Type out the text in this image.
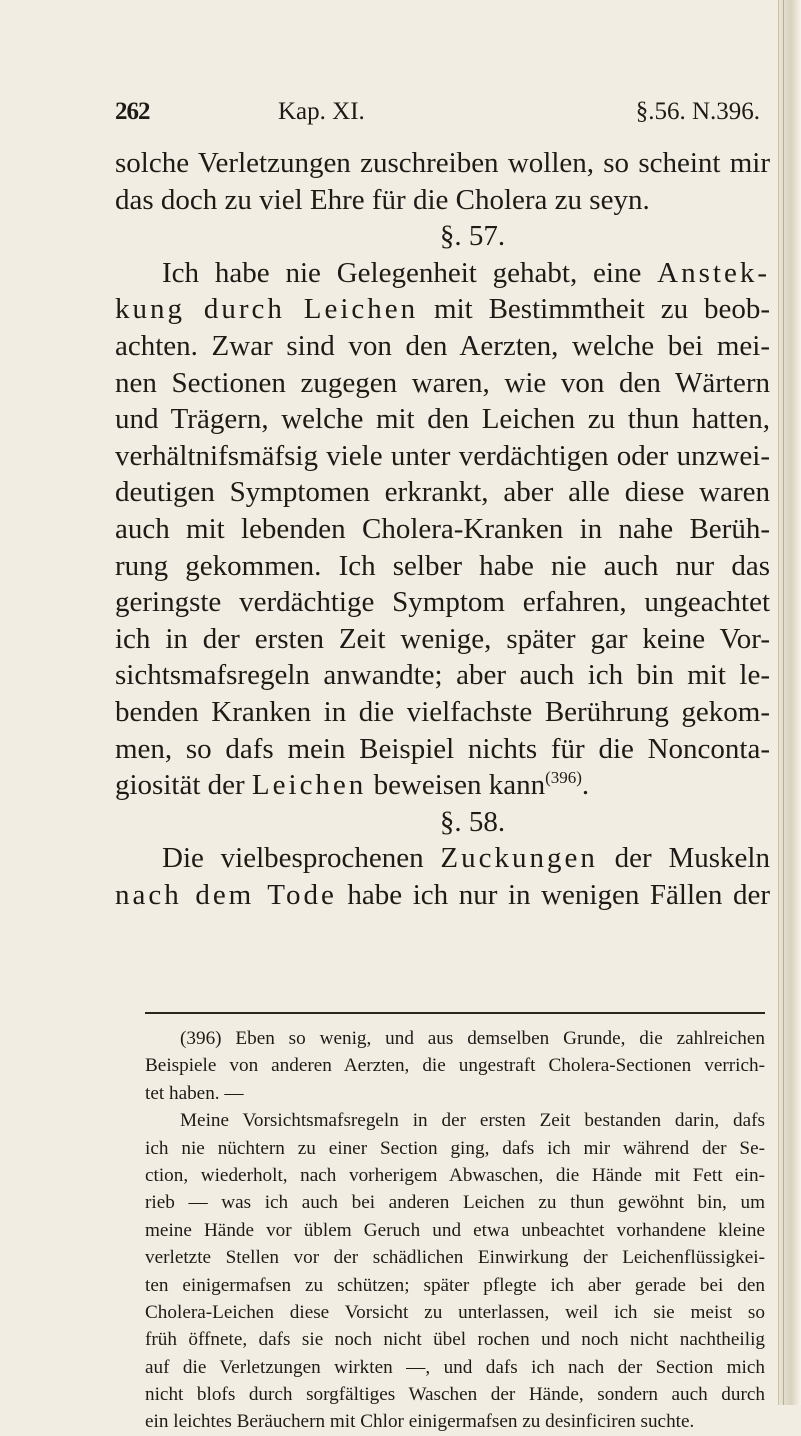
262	Kap. XI.	§.56. N.396.
solche Verletzungen zuschreiben wollen, so scheint mir
das doch zu viel Ehre für die Cholera zu seyn.
§. 57.
Ich habe nie Gelegenheit gehabt, eine Anstek-
kung durch Leichen mit Bestimmtheit zu beob-
achten. Zwar sind von den Aerzten, welche bei mei-
nen Sectionen zugegen waren, wie von den Wärtern
und Trägern, welche mit den Leichen zu thun hatten,
verhältnifsmäfsig viele unter verdächtigen oder unzwei-
deutigen Symptomen erkrankt, aber alle diese waren
auch mit lebenden Cholera-Kranken in nahe Berüh-
rung gekommen. Ich selber habe nie auch nur das
geringste verdächtige Symptom erfahren, ungeachtet
ich in der ersten Zeit wenige, später gar keine Vor-
sichtsmafsregeln anwandte; aber auch ich bin mit le-
benden Kranken in die vielfachste Berührung gekom-
men, so dafs mein Beispiel nichts für die Nonconta-
giosität der Leichen beweisen kann$^{(396)}$.
§. 58.
Die vielbesprochenen Zuckungen der Muskeln
nach dem Tode habe ich nur in wenigen Fällen der
(396) Eben so wenig, und aus demselben Grunde, die zahlreichen
Beispiele von anderen Aerzten, die ungestraft Cholera-Sectionen verrich-
tet haben. —
Meine Vorsichtsmafsregeln in der ersten Zeit bestanden darin, dafs
ich nie nüchtern zu einer Section ging, dafs ich mir während der Se-
ction, wiederholt, nach vorherigem Abwaschen, die Hände mit Fett ein-
rieb — was ich auch bei anderen Leichen zu thun gewöhnt bin, um
meine Hände vor üblem Geruch und etwa unbeachtet vorhandene kleine
verletzte Stellen vor der schädlichen Einwirkung der Leichenflüssigkei-
ten einigermafsen zu schützen; später pflegte ich aber gerade bei den
Cholera-Leichen diese Vorsicht zu unterlassen, weil ich sie meist so
früh öffnete, dafs sie noch nicht übel rochen und noch nicht nachtheilig
auf die Verletzungen wirkten —, und dafs ich nach der Section mich
nicht blofs durch sorgfältiges Waschen der Hände, sondern auch durch
ein leichtes Beräuchern mit Chlor einigermafsen zu desinficiren suchte.
